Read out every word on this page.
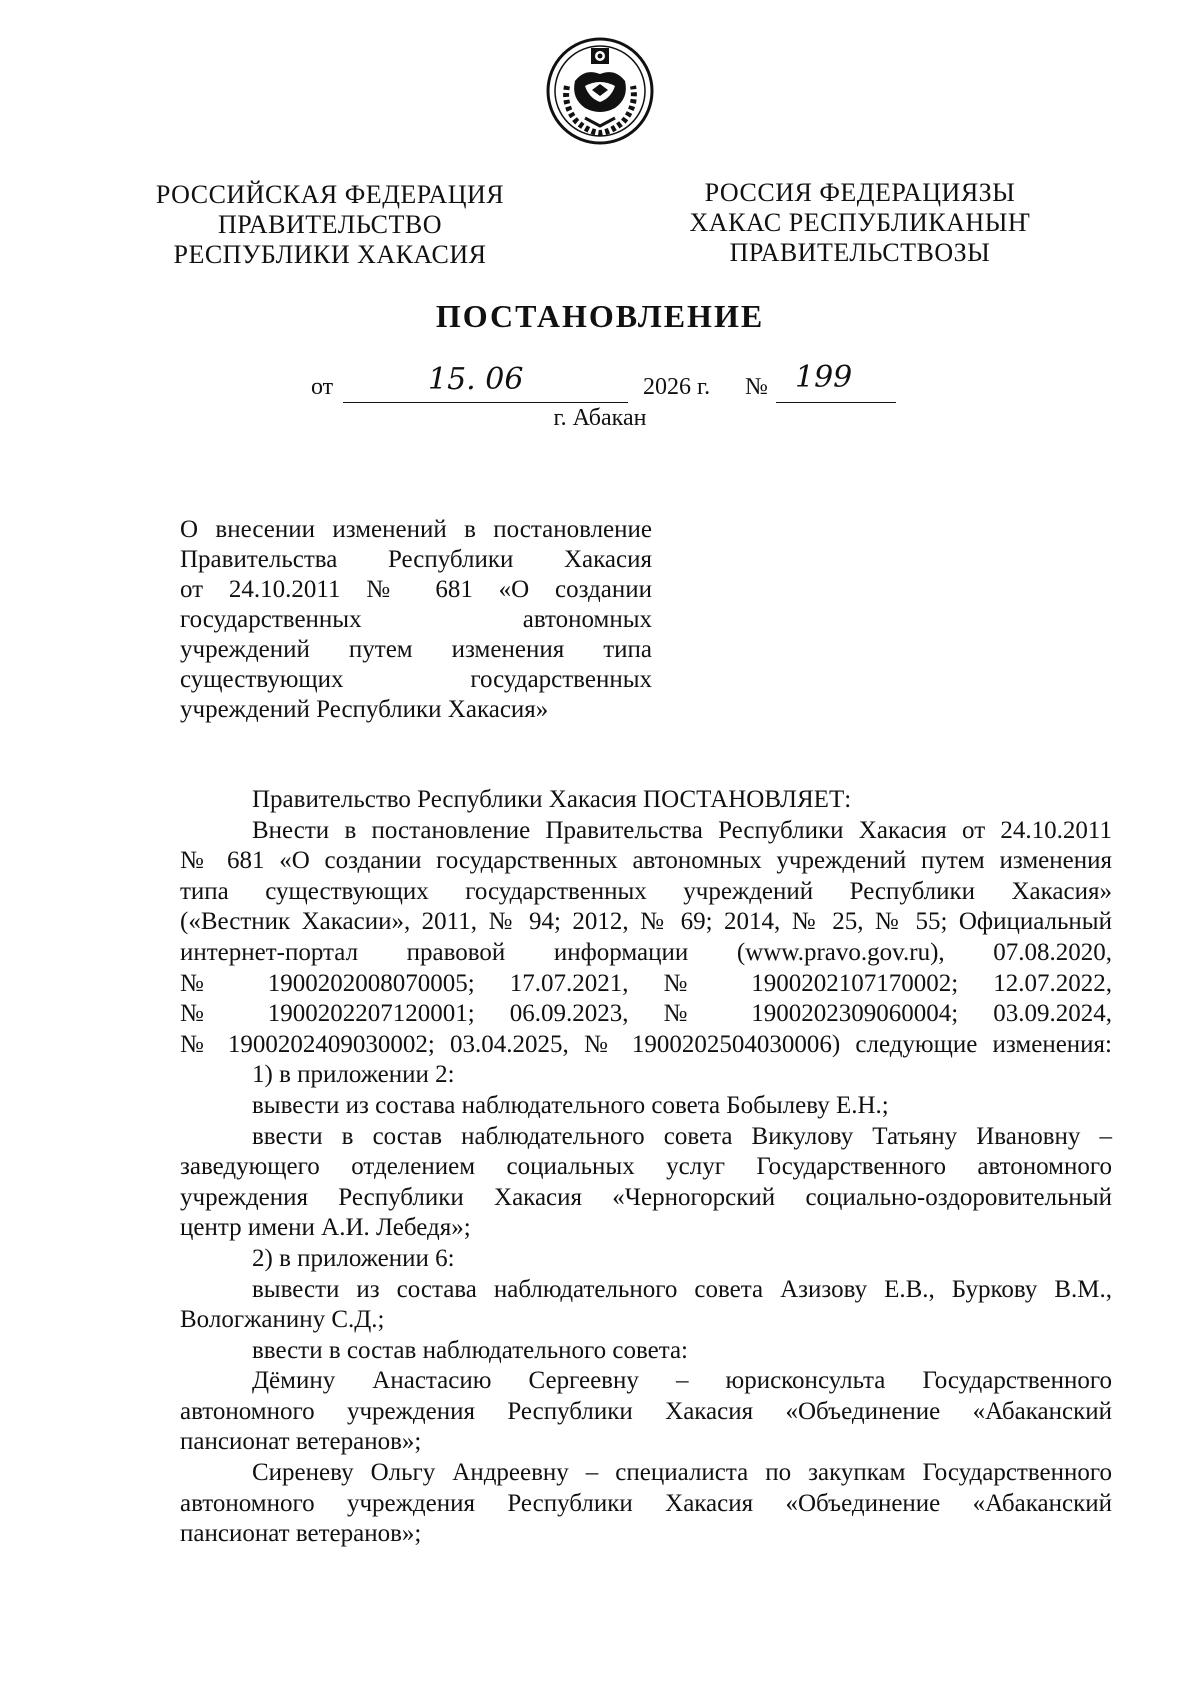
РОССИЙСКАЯ ФЕДЕРАЦИЯ
ПРАВИТЕЛЬСТВО
РЕСПУБЛИКИ ХАКАСИЯ
РОССИЯ ФЕДЕРАЦИЯЗЫ
ХАКАС РЕСПУБЛИКАНЫҤ
ПРАВИТЕЛЬСТВОЗЫ
ПОСТАНОВЛЕНИЕ
от	15. 06	2026 г. № 199
г. Абакан
О внесении изменений в постановление
Правительства Республики Хакасия
от 24.10.2011 № 681 «О создании
государственных автономных
учреждений путем изменения типа
существующих государственных
учреждений Республики Хакасия»
Правительство Республики Хакасия ПОСТАНОВЛЯЕТ:
Внести в постановление Правительства Республики Хакасия от 24.10.2011
№ 681 «О создании государственных автономных учреждений путем изменения
типа существующих государственных учреждений Республики Хакасия»
(«Вестник Хакасии», 2011, № 94; 2012, № 69; 2014, № 25, № 55; Официальный
интернет-портал правовой информации (www.pravo.gov.ru), 07.08.2020,
№ 1900202008070005; 17.07.2021, № 1900202107170002; 12.07.2022,
№ 1900202207120001; 06.09.2023, № 1900202309060004; 03.09.2024,
№ 1900202409030002; 03.04.2025, № 1900202504030006) следующие изменения:
1) в приложении 2:
вывести из состава наблюдательного совета Бобылеву Е.Н.;
ввести в состав наблюдательного совета Викулову Татьяну Ивановну –
заведующего отделением социальных услуг Государственного автономного
учреждения Республики Хакасия «Черногорский социально-оздоровительный
центр имени А.И. Лебедя»;
2) в приложении 6:
вывести из состава наблюдательного совета Азизову Е.В., Буркову В.М.,
Вологжанину С.Д.;
ввести в состав наблюдательного совета:
Дёмину Анастасию Сергеевну – юрисконсульта Государственного
автономного учреждения Республики Хакасия «Объединение «Абаканский
пансионат ветеранов»;
Сиреневу Ольгу Андреевну – специалиста по закупкам Государственного
автономного учреждения Республики Хакасия «Объединение «Абаканский
пансионат ветеранов»;
